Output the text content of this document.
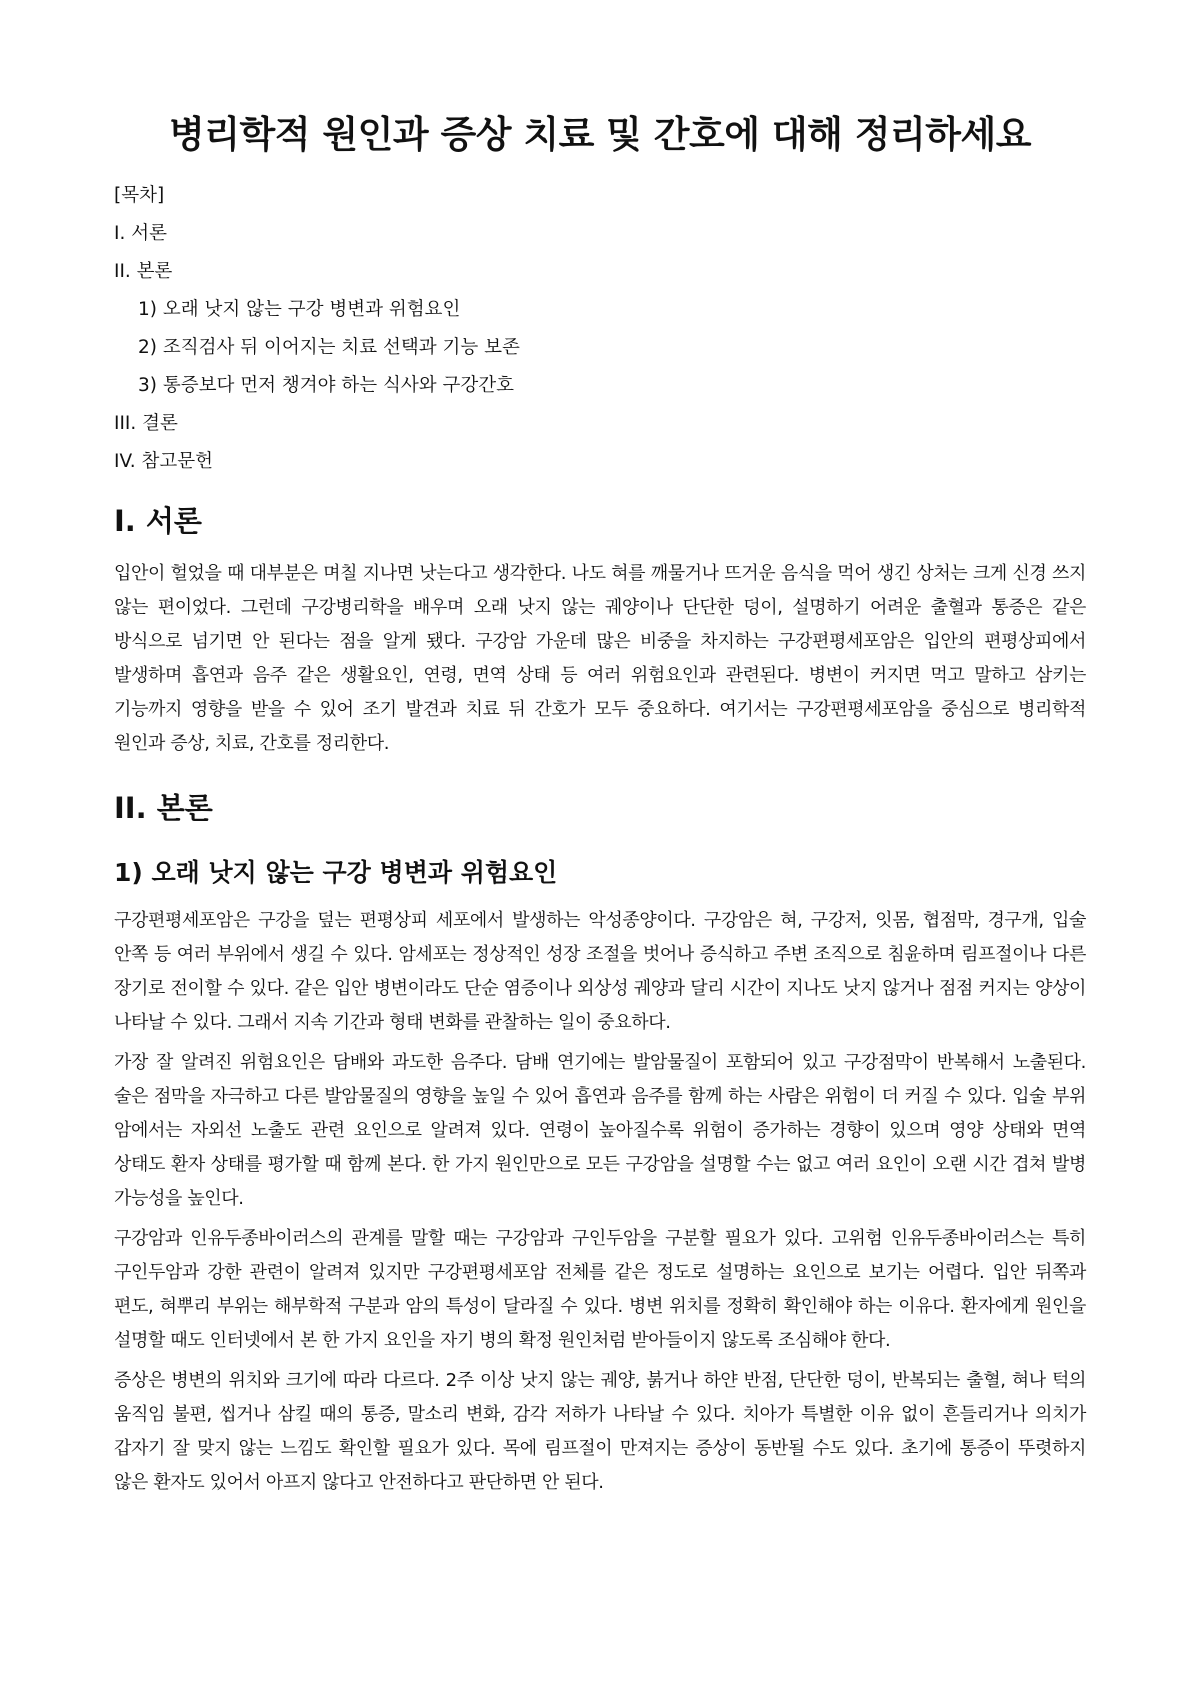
병리학적 원인과 증상 치료 및 간호에 대해 정리하세요
[목차]
I. 서론
II. 본론
1) 오래 낫지 않는 구강 병변과 위험요인
2) 조직검사 뒤 이어지는 치료 선택과 기능 보존
3) 통증보다 먼저 챙겨야 하는 식사와 구강간호
III. 결론
IV. 참고문헌
I. 서론

입안이 헐었을 때 대부분은 며칠 지나면 낫는다고 생각한다. 나도 혀를 깨물거나 뜨거운 음식을 먹어 생긴 상처는 크게 신경 쓰지 않는 편이었다. 그런데 구강병리학을 배우며 오래 낫지 않는 궤양이나 단단한 덩이, 설명하기 어려운 출혈과 통증은 같은 방식으로 넘기면 안 된다는 점을 알게 됐다. 구강암 가운데 많은 비중을 차지하는 구강편평세포암은 입안의 편평상피에서 발생하며 흡연과 음주 같은 생활요인, 연령, 면역 상태 등 여러 위험요인과 관련된다. 병변이 커지면 먹고 말하고 삼키는 기능까지 영향을 받을 수 있어 조기 발견과 치료 뒤 간호가 모두 중요하다. 여기서는 구강편평세포암을 중심으로 병리학적 원인과 증상, 치료, 간호를 정리한다.

II. 본론
1) 오래 낫지 않는 구강 병변과 위험요인

구강편평세포암은 구강을 덮는 편평상피 세포에서 발생하는 악성종양이다. 구강암은 혀, 구강저, 잇몸, 협점막, 경구개, 입술 안쪽 등 여러 부위에서 생길 수 있다. 암세포는 정상적인 성장 조절을 벗어나 증식하고 주변 조직으로 침윤하며 림프절이나 다른 장기로 전이할 수 있다. 같은 입안 병변이라도 단순 염증이나 외상성 궤양과 달리 시간이 지나도 낫지 않거나 점점 커지는 양상이 나타날 수 있다. 그래서 지속 기간과 형태 변화를 관찰하는 일이 중요하다.

가장 잘 알려진 위험요인은 담배와 과도한 음주다. 담배 연기에는 발암물질이 포함되어 있고 구강점막이 반복해서 노출된다. 술은 점막을 자극하고 다른 발암물질의 영향을 높일 수 있어 흡연과 음주를 함께 하는 사람은 위험이 더 커질 수 있다. 입술 부위 암에서는 자외선 노출도 관련 요인으로 알려져 있다. 연령이 높아질수록 위험이 증가하는 경향이 있으며 영양 상태와 면역 상태도 환자 상태를 평가할 때 함께 본다. 한 가지 원인만으로 모든 구강암을 설명할 수는 없고 여러 요인이 오랜 시간 겹쳐 발병 가능성을 높인다.

구강암과 인유두종바이러스의 관계를 말할 때는 구강암과 구인두암을 구분할 필요가 있다. 고위험 인유두종바이러스는 특히 구인두암과 강한 관련이 알려져 있지만 구강편평세포암 전체를 같은 정도로 설명하는 요인으로 보기는 어렵다. 입안 뒤쪽과 편도, 혀뿌리 부위는 해부학적 구분과 암의 특성이 달라질 수 있다. 병변 위치를 정확히 확인해야 하는 이유다. 환자에게 원인을 설명할 때도 인터넷에서 본 한 가지 요인을 자기 병의 확정 원인처럼 받아들이지 않도록 조심해야 한다.

증상은 병변의 위치와 크기에 따라 다르다. 2주 이상 낫지 않는 궤양, 붉거나 하얀 반점, 단단한 덩이, 반복되는 출혈, 혀나 턱의 움직임 불편, 씹거나 삼킬 때의 통증, 말소리 변화, 감각 저하가 나타날 수 있다. 치아가 특별한 이유 없이 흔들리거나 의치가 갑자기 잘 맞지 않는 느낌도 확인할 필요가 있다. 목에 림프절이 만져지는 증상이 동반될 수도 있다. 초기에 통증이 뚜렷하지 않은 환자도 있어서 아프지 않다고 안전하다고 판단하면 안 된다.
